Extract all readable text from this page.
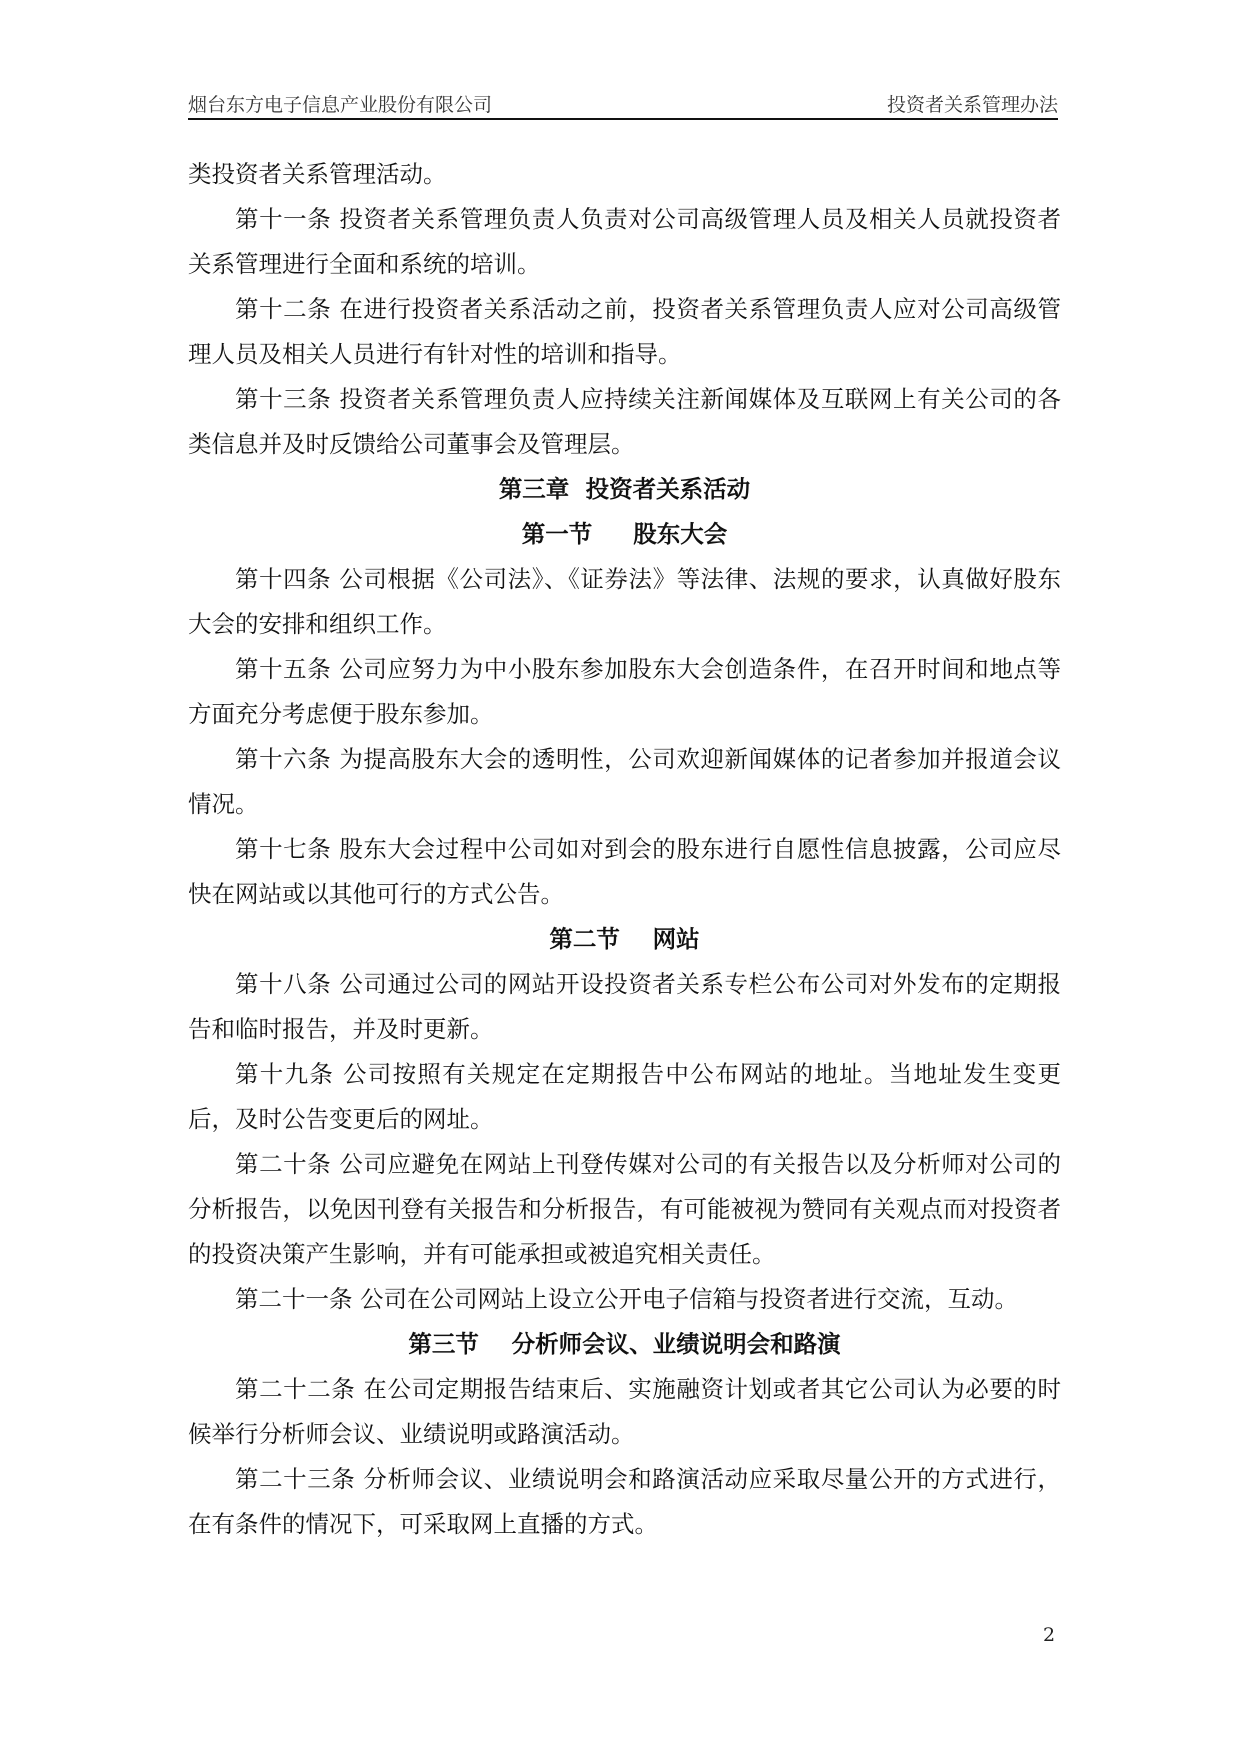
烟台东方电子信息产业股份有限公司	投资者关系管理办法

类投资者关系管理活动。

第十一条 投资者关系管理负责人负责对公司高级管理人员及相关人员就投资者关系管理进行全面和系统的培训。

第十二条 在进行投资者关系活动之前，投资者关系管理负责人应对公司高级管理人员及相关人员进行有针对性的培训和指导。

第十三条 投资者关系管理负责人应持续关注新闻媒体及互联网上有关公司的各类信息并及时反馈给公司董事会及管理层。

第三章  投资者关系活动

第一节     股东大会

第十四条 公司根据《公司法》、《证券法》等法律、法规的要求，认真做好股东大会的安排和组织工作。

第十五条 公司应努力为中小股东参加股东大会创造条件，在召开时间和地点等方面充分考虑便于股东参加。

第十六条 为提高股东大会的透明性，公司欢迎新闻媒体的记者参加并报道会议情况。

第十七条 股东大会过程中公司如对到会的股东进行自愿性信息披露，公司应尽快在网站或以其他可行的方式公告。

第二节    网站

第十八条 公司通过公司的网站开设投资者关系专栏公布公司对外发布的定期报告和临时报告，并及时更新。

第十九条 公司按照有关规定在定期报告中公布网站的地址。当地址发生变更后，及时公告变更后的网址。

第二十条 公司应避免在网站上刊登传媒对公司的有关报告以及分析师对公司的分析报告，以免因刊登有关报告和分析报告，有可能被视为赞同有关观点而对投资者的投资决策产生影响，并有可能承担或被追究相关责任。

第二十一条 公司在公司网站上设立公开电子信箱与投资者进行交流，互动。

第三节    分析师会议、业绩说明会和路演

第二十二条 在公司定期报告结束后、实施融资计划或者其它公司认为必要的时候举行分析师会议、业绩说明或路演活动。

第二十三条 分析师会议、业绩说明会和路演活动应采取尽量公开的方式进行，在有条件的情况下，可采取网上直播的方式。

2
